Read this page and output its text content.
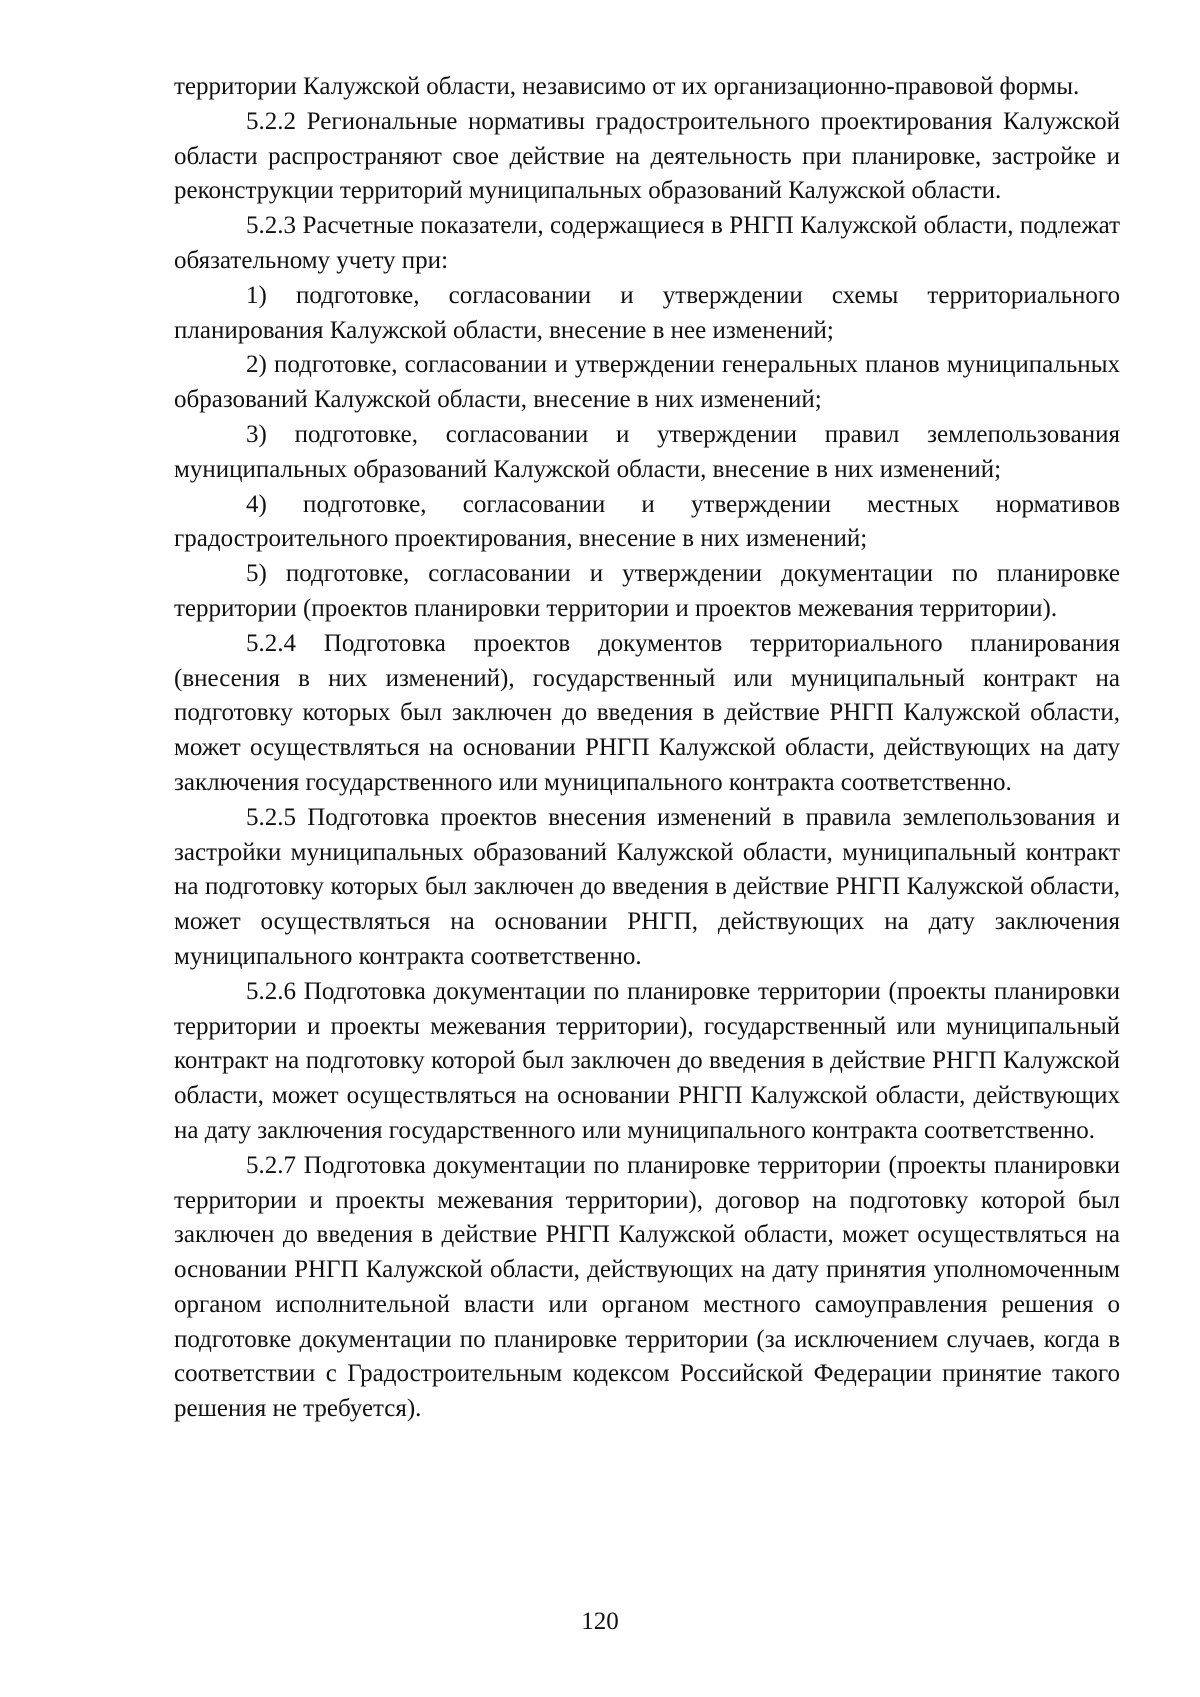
территории Калужской области, независимо от их организационно-правовой формы.

5.2.2 Региональные нормативы градостроительного проектирования Калужской области распространяют свое действие на деятельность при планировке, застройке и реконструкции территорий муниципальных образований Калужской области.

5.2.3 Расчетные показатели, содержащиеся в РНГП Калужской области, подлежат обязательному учету при:

1) подготовке, согласовании и утверждении схемы территориального планирования Калужской области, внесение в нее изменений;

2) подготовке, согласовании и утверждении генеральных планов муниципальных образований Калужской области, внесение в них изменений;

3) подготовке, согласовании и утверждении правил землепользования муниципальных образований Калужской области, внесение в них изменений;

4) подготовке, согласовании и утверждении местных нормативов градостроительного проектирования, внесение в них изменений;

5) подготовке, согласовании и утверждении документации по планировке территории (проектов планировки территории и проектов межевания территории).

5.2.4 Подготовка проектов документов территориального планирования (внесения в них изменений), государственный или муниципальный контракт на подготовку которых был заключен до введения в действие РНГП Калужской области, может осуществляться на основании РНГП Калужской области, действующих на дату заключения государственного или муниципального контракта соответственно.

5.2.5 Подготовка проектов внесения изменений в правила землепользования и застройки муниципальных образований Калужской области, муниципальный контракт на подготовку которых был заключен до введения в действие РНГП Калужской области, может осуществляться на основании РНГП, действующих на дату заключения муниципального контракта соответственно.

5.2.6 Подготовка документации по планировке территории (проекты планировки территории и проекты межевания территории), государственный или муниципальный контракт на подготовку которой был заключен до введения в действие РНГП Калужской области, может осуществляться на основании РНГП Калужской области, действующих на дату заключения государственного или муниципального контракта соответственно.

5.2.7 Подготовка документации по планировке территории (проекты планировки территории и проекты межевания территории), договор на подготовку которой был заключен до введения в действие РНГП Калужской области, может осуществляться на основании РНГП Калужской области, действующих на дату принятия уполномоченным органом исполнительной власти или органом местного самоуправления решения о подготовке документации по планировке территории (за исключением случаев, когда в соответствии с Градостроительным кодексом Российской Федерации принятие такого решения не требуется).

120
